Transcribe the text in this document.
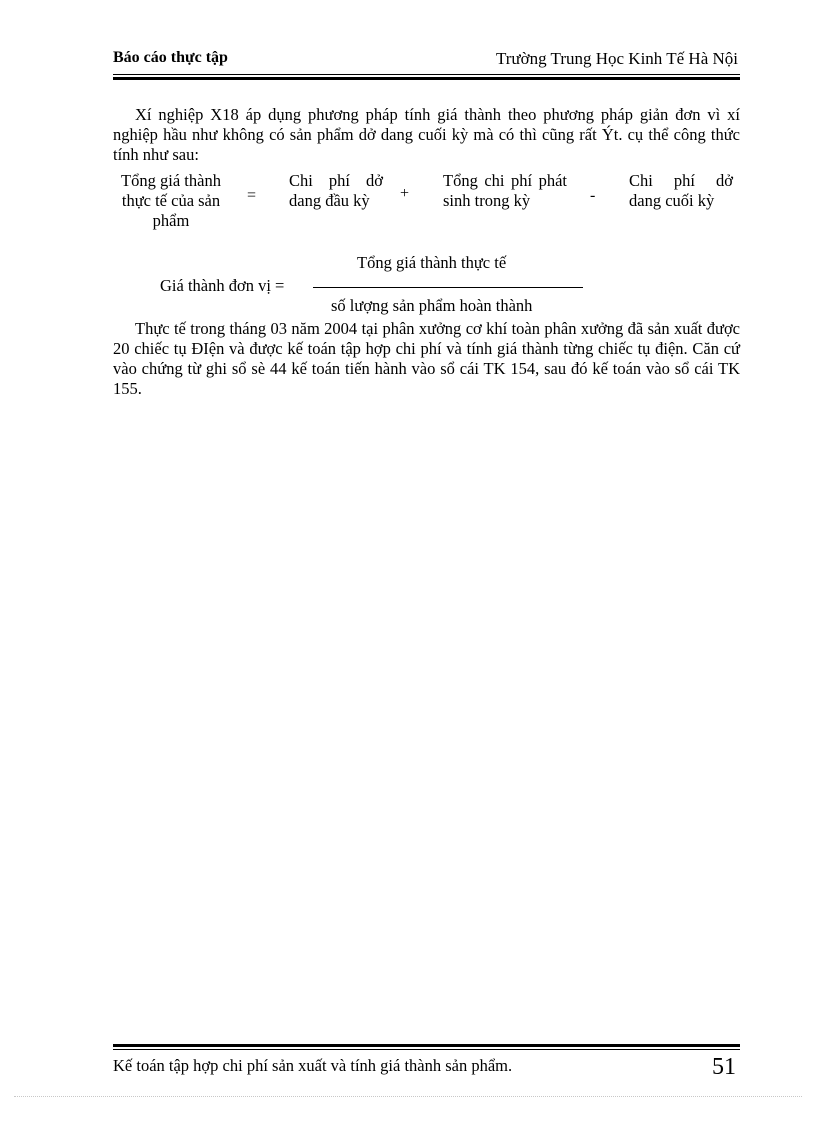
Báo cáo thực tập	Trường Trung Học Kinh Tế Hà Nội

Xí nghiệp X18 áp dụng phương pháp tính giá thành theo phương pháp giản đơn vì xí nghiệp hầu như không có sản phẩm dở dang cuối kỳ mà có thì cũng rất Ýt. cụ thể công thức tính như sau:

Tổng giá thành thực tế của sản phẩm
=
Chi phí dở dang đầu kỳ	+
Tổng chi phí phát sinh trong kỳ	-
Chi phí dở dang cuối kỳ
Tổng giá thành thực tế
Giá thành đơn vị =
số lượng sản phẩm hoàn thành

Thực tế trong tháng 03 năm 2004 tại phân xưởng cơ khí toàn phân xưởng đã sản xuất được 20 chiếc tụ ĐIện và được kế toán tập hợp chi phí và tính giá thành từng chiếc tụ điện. Căn cứ vào chứng từ ghi sổ sè 44 kế toán tiến hành vào sổ cái TK 154, sau đó kế toán vào sổ cái TK 155.

Kế toán tập hợp chi phí sản xuất và tính giá thành sản phẩm.	51
